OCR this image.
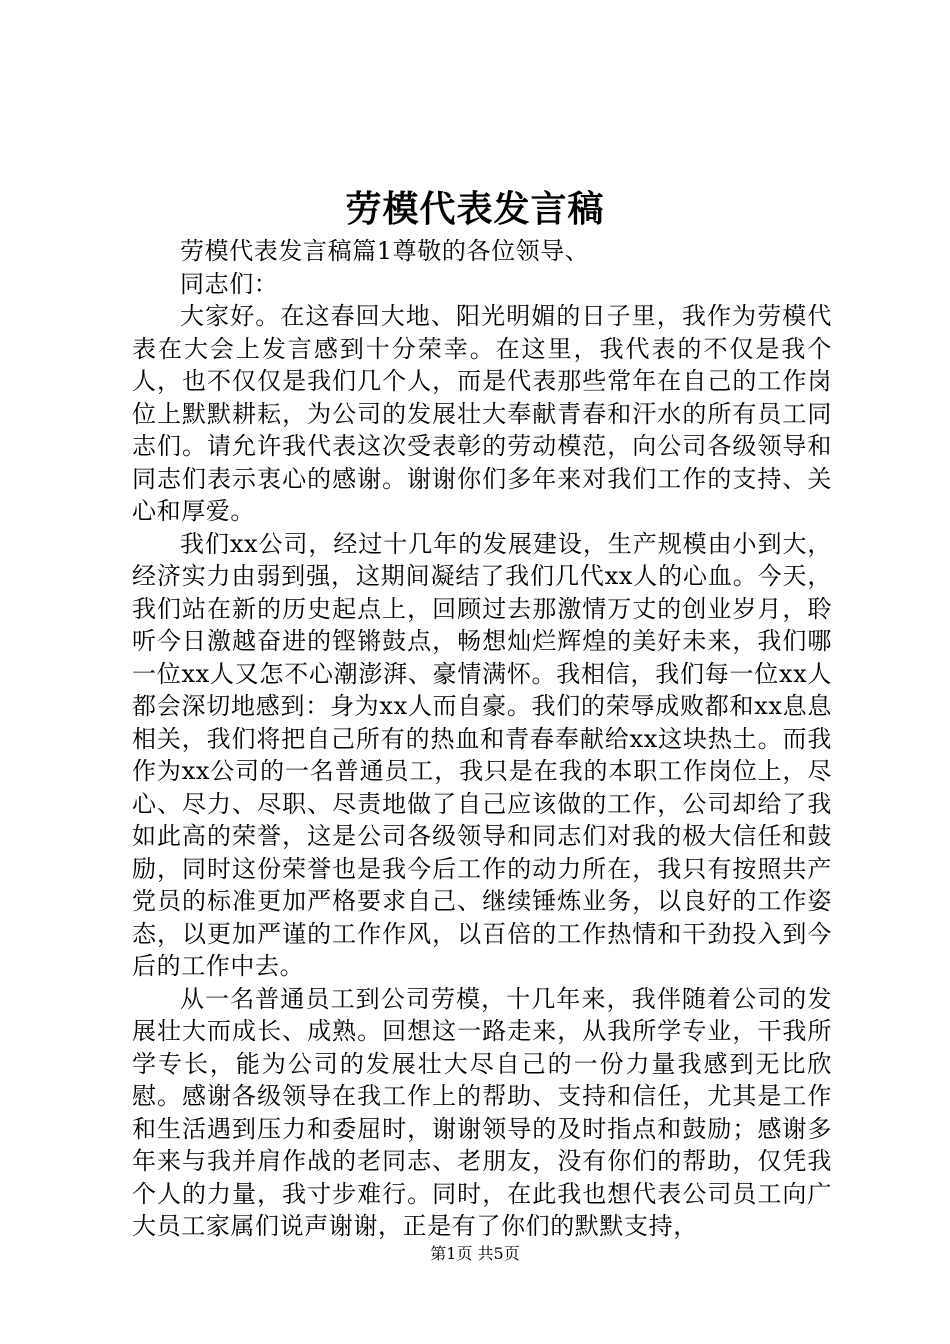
劳模代表发言稿

劳模代表发言稿篇1尊敬的各位领导、

同志们：

大家好。在这春回大地、阳光明媚的日子里，我作为劳模代表在大会上发言感到十分荣幸。在这里，我代表的不仅是我个人，也不仅仅是我们几个人，而是代表那些常年在自己的工作岗位上默默耕耘，为公司的发展壮大奉献青春和汗水的所有员工同志们。请允许我代表这次受表彰的劳动模范，向公司各级领导和同志们表示衷心的感谢。谢谢你们多年来对我们工作的支持、关心和厚爱。

我们xx公司，经过十几年的发展建设，生产规模由小到大，经济实力由弱到强，这期间凝结了我们几代xx人的心血。今天，我们站在新的历史起点上，回顾过去那激情万丈的创业岁月，聆听今日激越奋进的铿锵鼓点，畅想灿烂辉煌的美好未来，我们哪一位xx人又怎不心潮澎湃、豪情满怀。我相信，我们每一位xx人都会深切地感到：身为xx人而自豪。我们的荣辱成败都和xx息息相关，我们将把自己所有的热血和青春奉献给xx这块热土。而我作为xx公司的一名普通员工，我只是在我的本职工作岗位上，尽心、尽力、尽职、尽责地做了自己应该做的工作，公司却给了我如此高的荣誉，这是公司各级领导和同志们对我的极大信任和鼓励，同时这份荣誉也是我今后工作的动力所在，我只有按照共产党员的标准更加严格要求自己、继续锤炼业务，以良好的工作姿态，以更加严谨的工作作风，以百倍的工作热情和干劲投入到今后的工作中去。

从一名普通员工到公司劳模，十几年来，我伴随着公司的发展壮大而成长、成熟。回想这一路走来，从我所学专业，干我所学专长，能为公司的发展壮大尽自己的一份力量我感到无比欣慰。感谢各级领导在我工作上的帮助、支持和信任，尤其是工作和生活遇到压力和委屈时，谢谢领导的及时指点和鼓励；感谢多年来与我并肩作战的老同志、老朋友，没有你们的帮助，仅凭我个人的力量，我寸步难行。同时，在此我也想代表公司员工向广大员工家属们说声谢谢，正是有了你们的默默支持，

第1页 共5页
